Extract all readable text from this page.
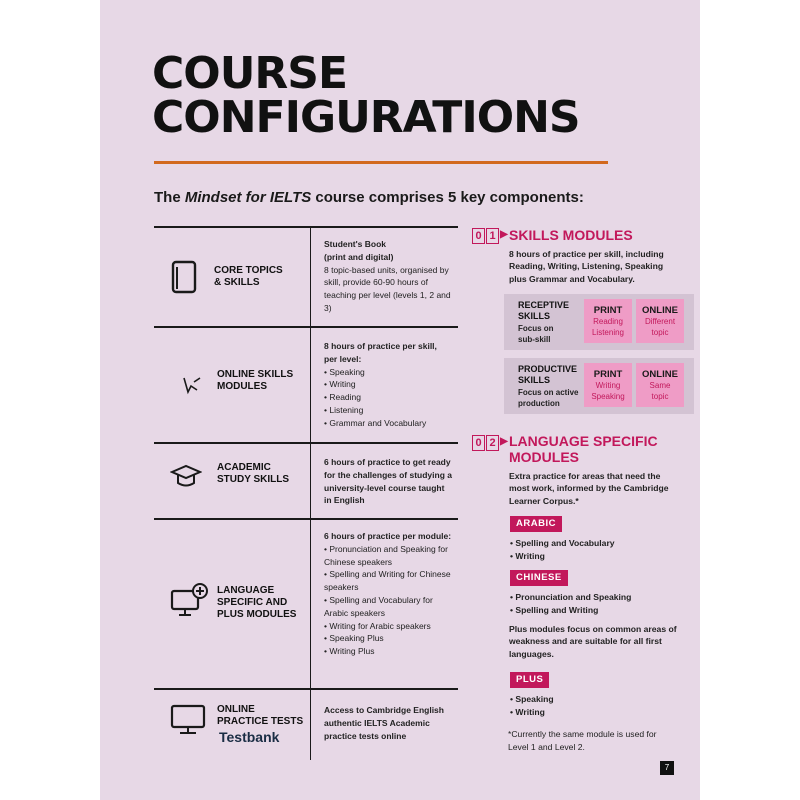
COURSE
CONFIGURATIONS
The Mindset for IELTS course comprises 5 key components:
CORE TOPICS
& SKILLS
Student's Book
(print and digital)
8 topic-based units, organised by skill, provide 60-90 hours of teaching per level (levels 1, 2 and 3)
ONLINE SKILLS
MODULES
8 hours of practice per skill, per level:
• Speaking
• Writing
• Reading
• Listening
• Grammar and Vocabulary
ACADEMIC
STUDY SKILLS
6 hours of practice to get ready for the challenges of studying a university-level course taught in English
LANGUAGE
SPECIFIC AND
PLUS MODULES
6 hours of practice per module:
• Pronunciation and Speaking for Chinese speakers
• Spelling and Writing for Chinese speakers
• Spelling and Vocabulary for Arabic speakers
• Writing for Arabic speakers
• Speaking Plus
• Writing Plus
ONLINE
PRACTICE TESTS
Testbank
Access to Cambridge English authentic IELTS Academic practice tests online
0 1 ▶ SKILLS MODULES
8 hours of practice per skill, including Reading, Writing, Listening, Speaking plus Grammar and Vocabulary.
RECEPTIVE
SKILLS
Focus on
sub-skill
PRINT
Reading
Listening
ONLINE
Different
topic
PRODUCTIVE
SKILLS
Focus on active
production
PRINT
Writing
Speaking
ONLINE
Same
topic
0 2 ▶ LANGUAGE SPECIFIC
MODULES
Extra practice for areas that need the most work, informed by the Cambridge Learner Corpus.*
ARABIC
• Spelling and Vocabulary
• Writing
CHINESE
• Pronunciation and Speaking
• Spelling and Writing
Plus modules focus on common areas of weakness and are suitable for all first languages.
PLUS
• Speaking
• Writing
*Currently the same module is used for Level 1 and Level 2.
7
